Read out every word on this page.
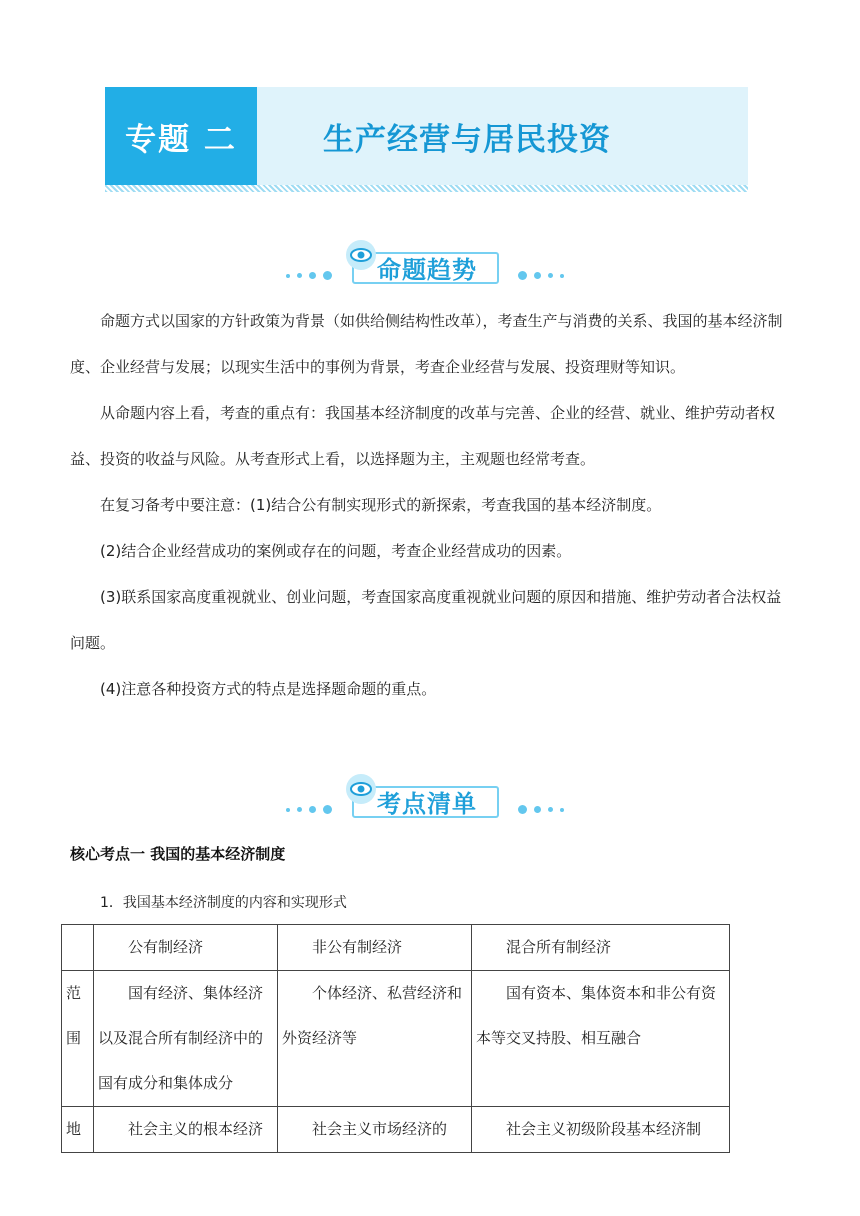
专题 二	生产经营与居民投资
命题趋势

命题方式以国家的方针政策为背景（如供给侧结构性改革），考查生产与消费的关系、我国的基本经济制度、企业经营与发展；以现实生活中的事例为背景，考查企业经营与发展、投资理财等知识。

从命题内容上看，考查的重点有：我国基本经济制度的改革与完善、企业的经营、就业、维护劳动者权益、投资的收益与风险。从考查形式上看，以选择题为主，主观题也经常考查。

在复习备考中要注意：(1)结合公有制实现形式的新探索，考查我国的基本经济制度。

(2)结合企业经营成功的案例或存在的问题，考查企业经营成功的因素。

(3)联系国家高度重视就业、创业问题，考查国家高度重视就业问题的原因和措施、维护劳动者合法权益问题。

(4)注意各种投资方式的特点是选择题命题的重点。

考点清单
核心考点一 我国的基本经济制度
1．我国基本经济制度的内容和实现形式
	公有制经济	非公有制经济	混合所有制经济
范围	国有经济、集体经济以及混合所有制经济中的国有成分和集体成分	个体经济、私营经济和外资经济等	国有资本、集体资本和非公有资本等交叉持股、相互融合
地	社会主义的根本经济	社会主义市场经济的	社会主义初级阶段基本经济制
